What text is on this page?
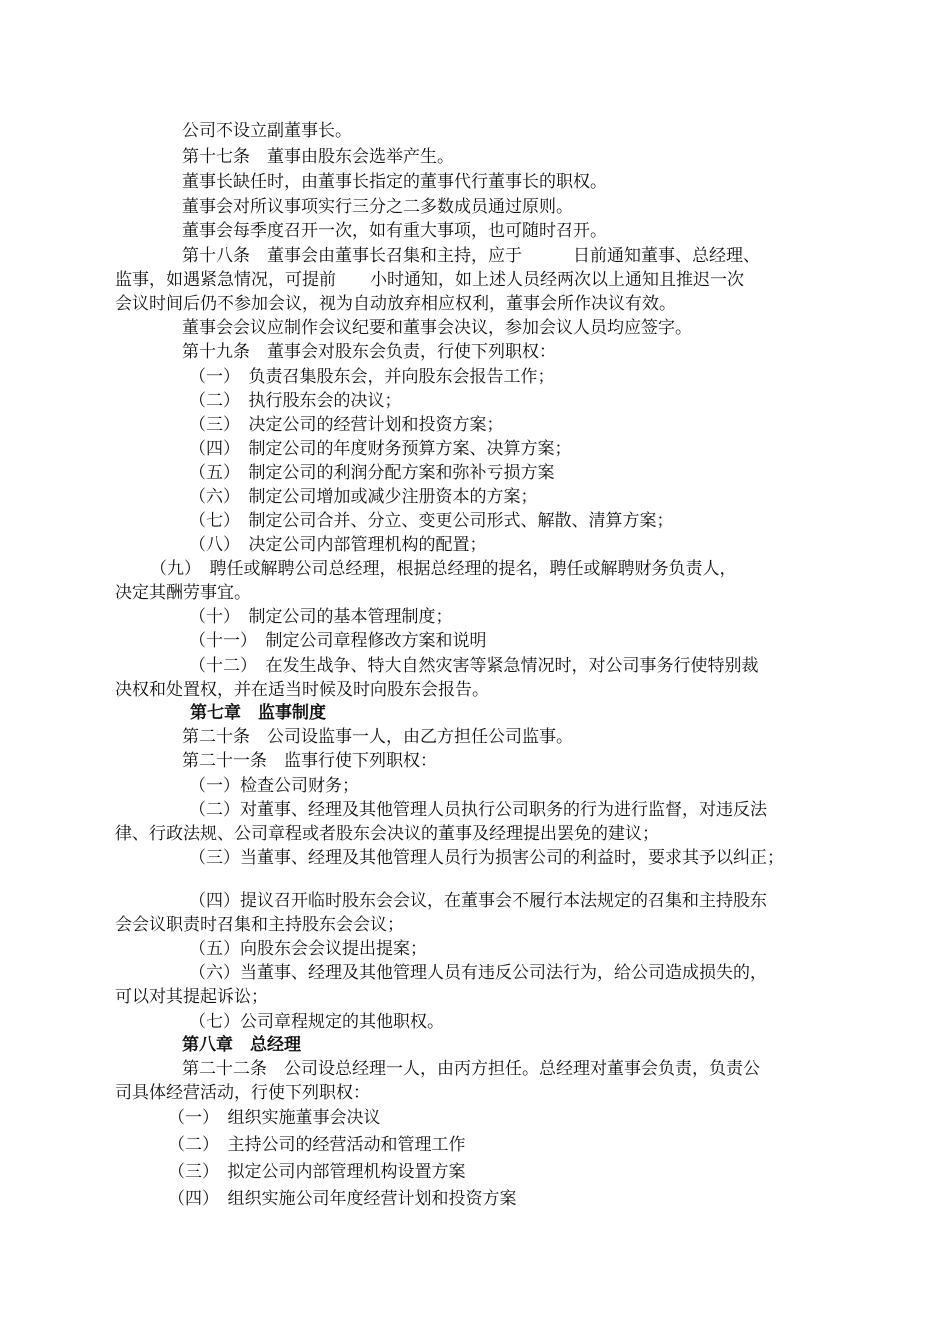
公司不设立副董事长。
第十七条　董事由股东会选举产生。
董事长缺任时，由董事长指定的董事代行董事长的职权。
董事会对所议事项实行三分之二多数成员通过原则。
董事会每季度召开一次，如有重大事项，也可随时召开。
第十八条　董事会由董事长召集和主持，应于　　　日前通知董事、总经理、
监事，如遇紧急情况，可提前　　小时通知，如上述人员经两次以上通知且推迟一次
会议时间后仍不参加会议，视为自动放弃相应权利，董事会所作决议有效。
董事会会议应制作会议纪要和董事会决议，参加会议人员均应签字。
第十九条　董事会对股东会负责，行使下列职权：
（一）　负责召集股东会，并向股东会报告工作；
（二）　执行股东会的决议；
（三）　决定公司的经营计划和投资方案；
（四）　制定公司的年度财务预算方案、决算方案；
（五）　制定公司的利润分配方案和弥补亏损方案
（六）　制定公司增加或减少注册资本的方案；
（七）　制定公司合并、分立、变更公司形式、解散、清算方案；
（八）　决定公司内部管理机构的配置；
（九）　聘任或解聘公司总经理，根据总经理的提名，聘任或解聘财务负责人，
决定其酬劳事宜。
（十）　制定公司的基本管理制度；
（十一）　制定公司章程修改方案和说明
（十二）　在发生战争、特大自然灾害等紧急情况时，对公司事务行使特别裁
决权和处置权，并在适当时候及时向股东会报告。
第七章　监事制度
第二十条　公司设监事一人，由乙方担任公司监事。
第二十一条　监事行使下列职权：
（一）检查公司财务；
（二）对董事、经理及其他管理人员执行公司职务的行为进行监督，对违反法
律、行政法规、公司章程或者股东会决议的董事及经理提出罢免的建议；
（三）当董事、经理及其他管理人员行为损害公司的利益时，要求其予以纠正；
（四）提议召开临时股东会会议，在董事会不履行本法规定的召集和主持股东
会会议职责时召集和主持股东会会议；
（五）向股东会会议提出提案；
（六）当董事、经理及其他管理人员有违反公司法行为，给公司造成损失的，
可以对其提起诉讼；
（七）公司章程规定的其他职权。
第八章　总经理
第二十二条　公司设总经理一人，由丙方担任。总经理对董事会负责，负责公
司具体经营活动，行使下列职权：
（一）　组织实施董事会决议
（二）　主持公司的经营活动和管理工作
（三）　拟定公司内部管理机构设置方案
（四）　组织实施公司年度经营计划和投资方案
